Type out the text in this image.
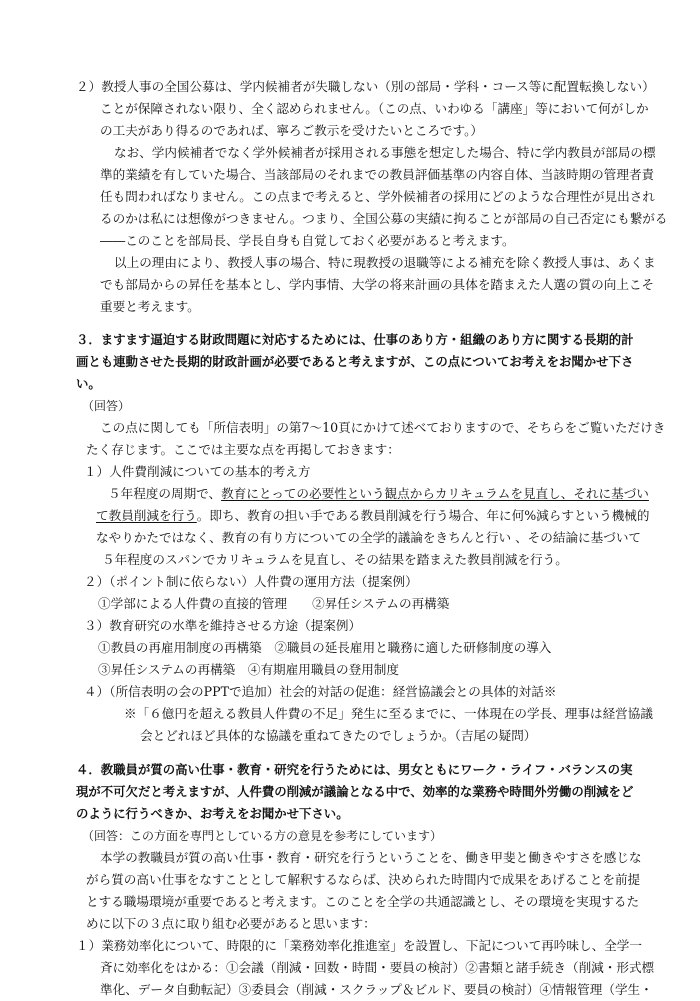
２）教授人事の全国公募は、学内候補者が失職しない（別の部局・学科・コース等に配置転換しない）
ことが保障されない限り、全く認められません。（この点、いわゆる「講座」等において何がしか
の工夫があり得るのであれば、寧ろご教示を受けたいところです。）
なお、学内候補者でなく学外候補者が採用される事態を想定した場合、特に学内教員が部局の標
準的業績を有していた場合、当該部局のそれまでの教員評価基準の内容自体、当該時期の管理者責
任も問わればなりません。この点まで考えると、学外候補者の採用にどのような合理性が見出され
るのかは私には想像がつきません。つまり、全国公募の実績に拘ることが部局の自己否定にも繋がる
――このことを部局長、学長自身も自覚しておく必要があると考えます。
以上の理由により、教授人事の場合、特に現教授の退職等による補充を除く教授人事は、あくま
でも部局からの昇任を基本とし、学内事情、大学の将来計画の具体を踏まえた人選の質の向上こそ
重要と考えます。
３．ますます逼迫する財政問題に対応するためには、仕事のあり方・組織のあり方に関する長期的計
画とも連動させた長期的財政計画が必要であると考えますが、この点についてお考えをお聞かせ下さ
い。
（回答）
この点に関しても「所信表明」の第7～10頁にかけて述べておりますので、そちらをご覧いただけき
たく存じます。ここでは主要な点を再掲しておきます：
１）人件費削減についての基本的考え方
５年程度の周期で、教育にとっての必要性という観点からカリキュラムを見直し、それに基づい
て教員削減を行う。即ち、教育の担い手である教員削減を行う場合、年に何%減らすという機械的
なやりかたではなく、教育の有り方についての全学的議論をきちんと行い 、その結論に基づいて
５年程度のスパンでカリキュラムを見直し、その結果を踏まえた教員削減を行う。
２）（ポイント制に依らない）人件費の運用方法（提案例）
①学部による人件費の直接的管理　　②昇任システムの再構築
３）教育研究の水準を維持させる方途（提案例）
①教員の再雇用制度の再構築　②職員の延長雇用と職務に適した研修制度の導入
③昇任システムの再構築　④有期雇用職員の登用制度
４）（所信表明の会のPPTで追加）社会的対話の促進：経営協議会との具体的対話※
※「６億円を超える教員人件費の不足」発生に至るまでに、一体現在の学長、理事は経営協議
会とどれほど具体的な協議を重ねてきたのでしょうか。（吉尾の疑問）
４．教職員が質の高い仕事・教育・研究を行うためには、男女ともにワーク・ライフ・バランスの実
現が不可欠だと考えますが、人件費の削減が議論となる中で、効率的な業務や時間外労働の削減をど
のように行うべきか、お考えをお聞かせ下さい。
（回答：この方面を専門としている方の意見を参考にしています）
本学の教職員が質の高い仕事・教育・研究を行うということを、働き甲斐と働きやすさを感じな
がら質の高い仕事をなすこととして解釈するならば、決められた時間内で成果をあげることを前提
とする職場環境が重要であると考えます。このことを全学の共通認識とし、その環境を実現するた
めに以下の３点に取り組む必要があると思います：
１）業務効率化について、時限的に「業務効率化推進室」を設置し、下記について再吟味し、全学一
斉に効率化をはかる：①会議（削減・回数・時間・要員の検討）②書類と諸手続き（削減・形式標
準化、データ自動転記）③委員会（削減・スクラップ＆ビルド、要員の検討）④情報管理（学生・
